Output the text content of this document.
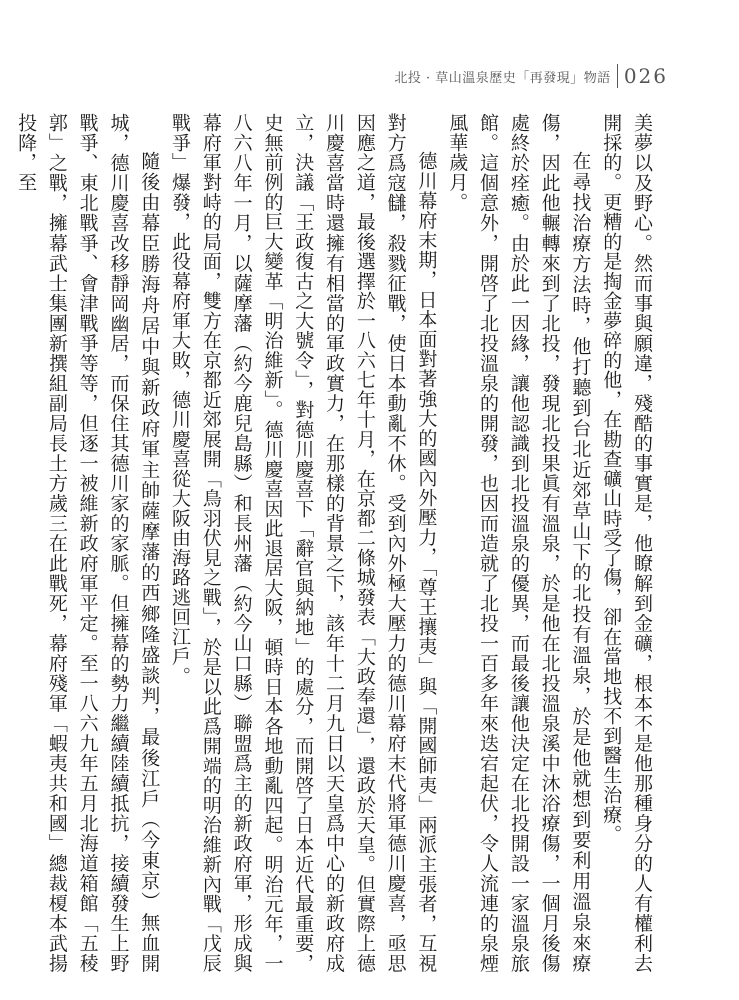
北投 · 草山溫泉歷史「再發現」物語 026

美夢以及野心。然而事與願違，殘酷的事實是，他瞭解到金礦，根本不是他那種身分的人有權利去開採的。更糟的是掏金夢碎的他，在勘查礦山時受了傷，卻在當地找不到醫生治療。

在尋找治療方法時，他打聽到台北近郊草山下的北投有溫泉，於是他就想到要利用溫泉來療傷，因此他輾轉來到了北投，發現北投果眞有溫泉，於是他在北投溫泉溪中沐浴療傷，一個月後傷處終於痊癒。由於此一因緣，讓他認識到北投溫泉的優異，而最後讓他決定在北投開設一家溫泉旅館。這個意外，開啓了北投溫泉的開發，也因而造就了北投一百多年來迭宕起伏，令人流連的泉煙風華歲月。

德川幕府末期，日本面對著強大的國內外壓力，「尊王攘夷」與「開國師夷」兩派主張者，互視對方爲寇讎，殺戮征戰，使日本動亂不休。受到內外極大壓力的德川幕府末代將軍德川慶喜，亟思因應之道，最後選擇於一八六七年十月，在京都二條城發表「大政奉還」，還政於天皇。但實際上德川慶喜當時還擁有相當的軍政實力，在那樣的背景之下，該年十二月九日以天皇爲中心的新政府成立，決議「王政復古之大號令」，對德川慶喜下「辭官與納地」的處分，而開啓了日本近代最重要，史無前例的巨大變革「明治維新」。德川慶喜因此退居大阪，頓時日本各地動亂四起。明治元年，一八六八年一月，以薩摩藩（約今鹿兒島縣）和長州藩（約今山口縣）聯盟爲主的新政府軍，形成與幕府軍對峙的局面，雙方在京都近郊展開「鳥羽伏見之戰」，於是以此爲開端的明治維新內戰「戊辰戰爭」爆發，此役幕府軍大敗，德川慶喜從大阪由海路逃回江戶。

隨後由幕臣勝海舟居中與新政府軍主帥薩摩藩的西鄉隆盛談判，最後江戶（今東京）無血開城，德川慶喜改移靜岡幽居，而保住其德川家的家脈。但擁幕的勢力繼續陸續抵抗，接續發生上野戰爭、東北戰爭、會津戰爭等等，但逐一被維新政府軍平定。至一八六九年五月北海道箱館「五稜郭」之戰，擁幕武士集團新撰組副局長土方歲三在此戰死，幕府殘軍「蝦夷共和國」總裁榎本武揚投降，至
